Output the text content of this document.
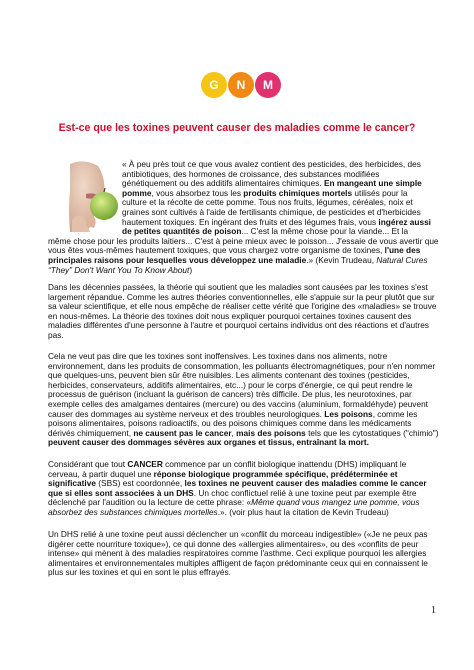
G	N	M
Est-ce que les toxines peuvent causer des maladies comme le cancer?
« À peu près tout ce que vous avalez contient des pesticides, des herbicides, des
antibiotiques, des hormones de croissance, des substances modifiées
génétiquement ou des additifs alimentaires chimiques. En mangeant une simple
pomme, vous absorbez tous les produits chimiques mortels utilisés pour la
culture et la récolte de cette pomme. Tous nos fruits, légumes, céréales, noix et
graines sont cultivés à l'aide de fertilisants chimique, de pesticides et d'herbicides
hautement toxiques. En ingérant des fruits et des légumes frais, vous ingérez aussi
de petites quantités de poison... C'est la même chose pour la viande... Et la
même chose pour les produits laitiers... C'est à peine mieux avec le poisson... J'essaie de vous avertir que
vous êtes vous-mêmes hautement toxiques, que vous chargez votre organisme de toxines, l'une des
principales raisons pour lesquelles vous développez une maladie.» (Kevin Trudeau, Natural Cures
“They” Don't Want You To Know About)
Dans les décennies passées, la théorie qui soutient que les maladies sont causées par les toxines s'est
largement répandue. Comme les autres théories conventionnelles, elle s'appuie sur la peur plutôt que sur
sa valeur scientifique, et elle nous empêche de réaliser cette vérité que l'origine des «maladies» se trouve
en nous-mêmes. La théorie des toxines doit nous expliquer pourquoi certaines toxines causent des
maladies différentes d'une personne à l'autre et pourquoi certains individus ont des réactions et d'autres
pas.
Cela ne veut pas dire que les toxines sont inoffensives. Les toxines dans nos aliments, notre
environnement, dans les produits de consommation, les polluants électromagnétiques, pour n'en nommer
que quelques-uns, peuvent bien sûr être nuisibles. Les aliments contenant des toxines (pesticides,
herbicides, conservateurs, additifs alimentaires, etc...) pour le corps d'énergie, ce qui peut rendre le
processus de guérison (incluant la guérison de cancers) très difficile. De plus, les neurotoxines, par
exemple celles des amalgames dentaires (mercure) ou des vaccins (aluminium, formaldéhyde) peuvent
causer des dommages au système nerveux et des troubles neurologiques. Les poisons, comme les
poisons alimentaires, poisons radioactifs, ou des poisons chimiques comme dans les médicaments
dérivés chimiquement, ne causent pas le cancer, mais des poisons tels que les cytostatiques ("chimio")
peuvent causer des dommages sévères aux organes et tissus, entraînant la mort.
Considérant que tout CANCER commence par un conflit biologique inattendu (DHS) impliquant le
cerveau, à partir duquel une réponse biologique programmée spécifique, prédéterminée et
significative (SBS) est coordonnée, les toxines ne peuvent causer des maladies comme le cancer
que si elles sont associées à un DHS. Un choc conflictuel relié à une toxine peut par exemple être
déclenché par l'audition ou la lecture de cette phrase: «Même quand vous mangez une pomme, vous
absorbez des substances chimiques mortelles.». (voir plus haut la citation de Kevin Trudeau)
Un DHS relié à une toxine peut aussi déclencher un «conflit du morceau indigestible» («Je ne peux pas
digérer cette nourriture toxique»), ce qui donne des «allergies alimentaires», ou des «conflits de peur
intense» qui mènent à des maladies respiratoires comme l'asthme. Ceci explique pourquoi les allergies
alimentaires et environnementales multiples affligent de façon prédominante ceux qui en connaissent le
plus sur les toxines et qui en sont le plus effrayés.
1
